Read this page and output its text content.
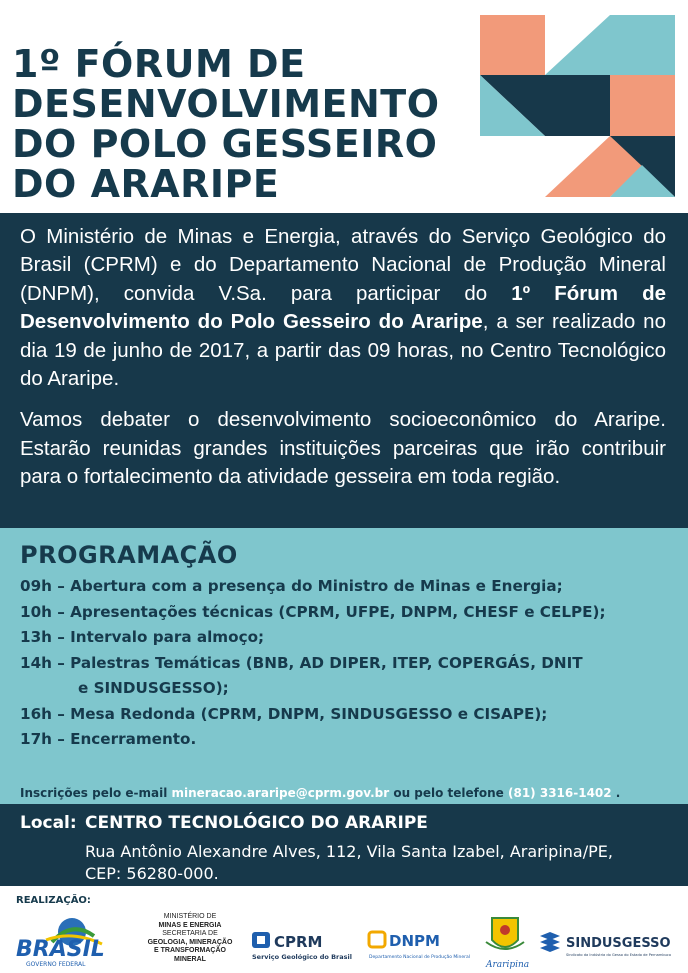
1º FÓRUM DE
DESENVOLVIMENTO
DO POLO GESSEIRO
DO ARARIPE

O Ministério de Minas e Energia, através do Serviço Geológico do Brasil (CPRM) e do Departamento Nacional de Produção Mineral (DNPM), convida V.Sa. para participar do 1º Fórum de Desenvolvimento do Polo Gesseiro do Araripe, a ser realizado no dia 19 de junho de 2017, a partir das 09 horas, no Centro Tecnológico do Araripe.

Vamos debater o desenvolvimento socioeconômico do Araripe. Estarão reunidas grandes instituições parceiras que irão contribuir para o fortalecimento da atividade gesseira em toda região.

PROGRAMAÇÃO
09h – Abertura com a presença do Ministro de Minas e Energia;
10h – Apresentações técnicas (CPRM, UFPE, DNPM, CHESF e CELPE);
13h – Intervalo para almoço;
14h – Palestras Temáticas (BNB, AD DIPER, ITEP, COPERGÁS, DNIT
e SINDUSGESSO);
16h – Mesa Redonda (CPRM, DNPM, SINDUSGESSO e CISAPE);
17h – Encerramento.
Inscrições pelo e-mail mineracao.araripe@cprm.gov.br ou pelo telefone (81) 3316-1402 .
Local: CENTRO TECNOLÓGICO DO ARARIPE
Rua Antônio Alexandre Alves, 112, Vila Santa Izabel, Araripina/PE,
CEP: 56280-000.
REALIZAÇÃO:
BRASIL
GOVERNO FEDERAL
MINISTÉRIO DE
MINAS E ENERGIA
SECRETARIA DE
GEOLOGIA, MINERAÇÃO
E TRANSFORMAÇÃO MINERAL
CPRM
Serviço Geológico do Brasil
DNPM
Departamento Nacional de Produção Mineral
Araripina
SINDUSGESSO
Sindicato da Indústria do Gesso do Estado de Pernambuco
